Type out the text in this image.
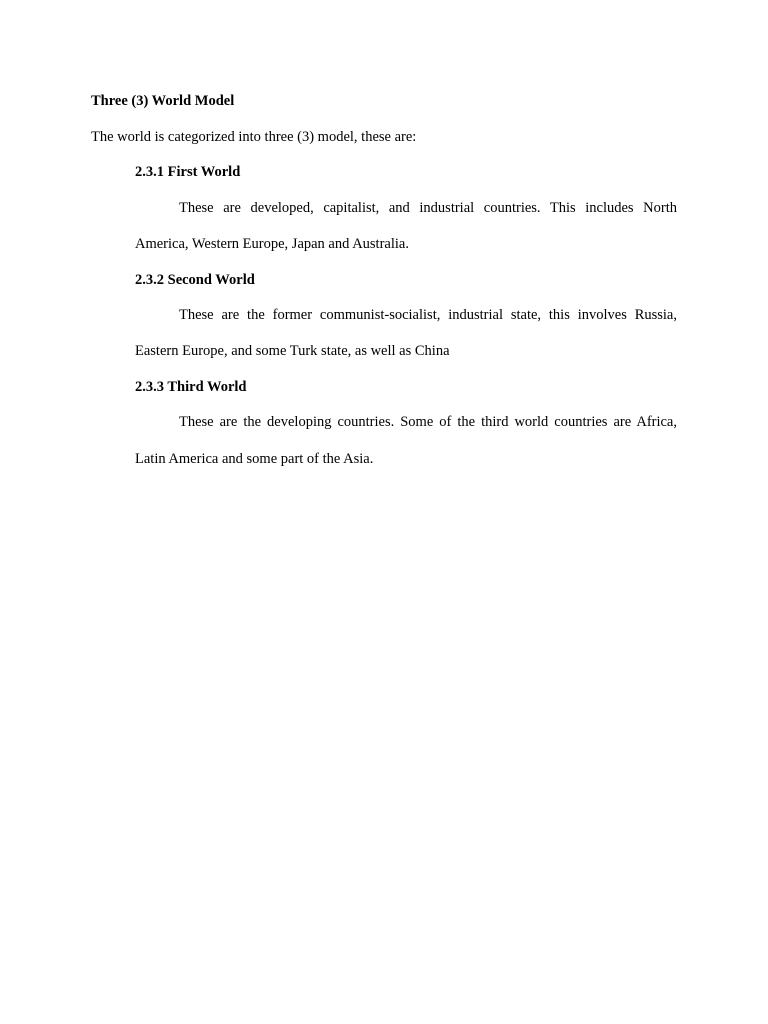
Three (3) World Model
The world is categorized into three (3) model, these are:
2.3.1 First World
These are developed, capitalist, and industrial countries. This includes North
America, Western Europe, Japan and Australia.
2.3.2 Second World
These are the former communist-socialist, industrial state, this involves Russia,
Eastern Europe, and some Turk state, as well as China
2.3.3 Third World
These are the developing countries. Some of the third world countries are Africa,
Latin America and some part of the Asia.
